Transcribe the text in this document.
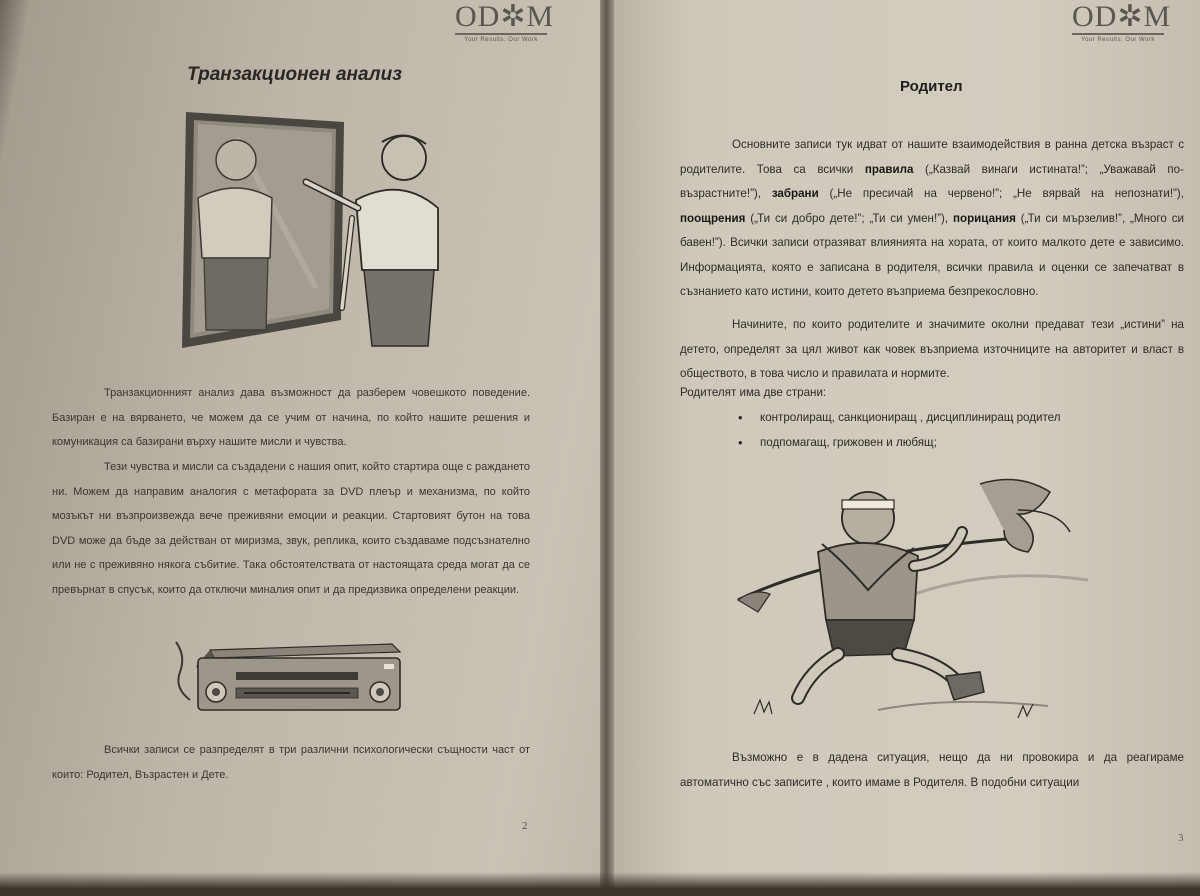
OD✲M
Your Results. Our Work
Транзакционен анализ

Транзакционният анализ дава възможност да разберем човешкото поведение. Базиран е на вярването, че можем да се учим от начина, по който нашите решения и комуникация са базирани върху нашите мисли и чувства.

Тези чувства и мисли са създадени с нашия опит, който стартира още с раждането ни. Можем да направим аналогия с метафората за DVD плеър и механизма, по който мозъкът ни възпроизвежда вече преживяни емоции и реакции. Стартовият бутон на това DVD може да бъде за действан от миризма, звук, реплика, които създаваме подсъзнателно или не с преживяно някога събитие. Така обстоятелствата от настоящата среда могат да се превърнат в спусък, които да отключи миналия опит и да предизвика определени реакции.

Всички записи се разпределят в три различни психологически същности част от които: Родител, Възрастен и Дете.

2
OD✲M
Your Results. Our Work
Родител

Основните записи тук идват от нашите взаимодействия в ранна детска възраст с родителите. Това са всички правила („Казвай винаги истината!”; „Уважавай по-възрастните!”), забрани („Не пресичай на червено!”; „Не вярвай на непознати!”), поощрения („Ти си добро дете!”; „Ти си умен!”), порицания („Ти си мързелив!”, „Много си бавен!”). Всички записи отразяват влиянията на хората, от които малкото дете е зависимо. Информацията, която е записана в родителя, всички правила и оценки се запечатват в съзнанието като истини, които детето възприема безпрекословно.

Начините, по които родителите и значимите околни предават тези „истини” на детето, определят за цял живот как човек възприема източниците на авторитет и власт в обществото, в това число и правилата и нормите.

Родителят има две страни:

• контролиращ, санкциониращ , дисциплиниращ родител
• подпомагащ, грижовен и любящ;

Възможно е в дадена ситуация, нещо да ни провокира и да реагираме автоматично със записите , които имаме в Родителя. В подобни ситуации

3
